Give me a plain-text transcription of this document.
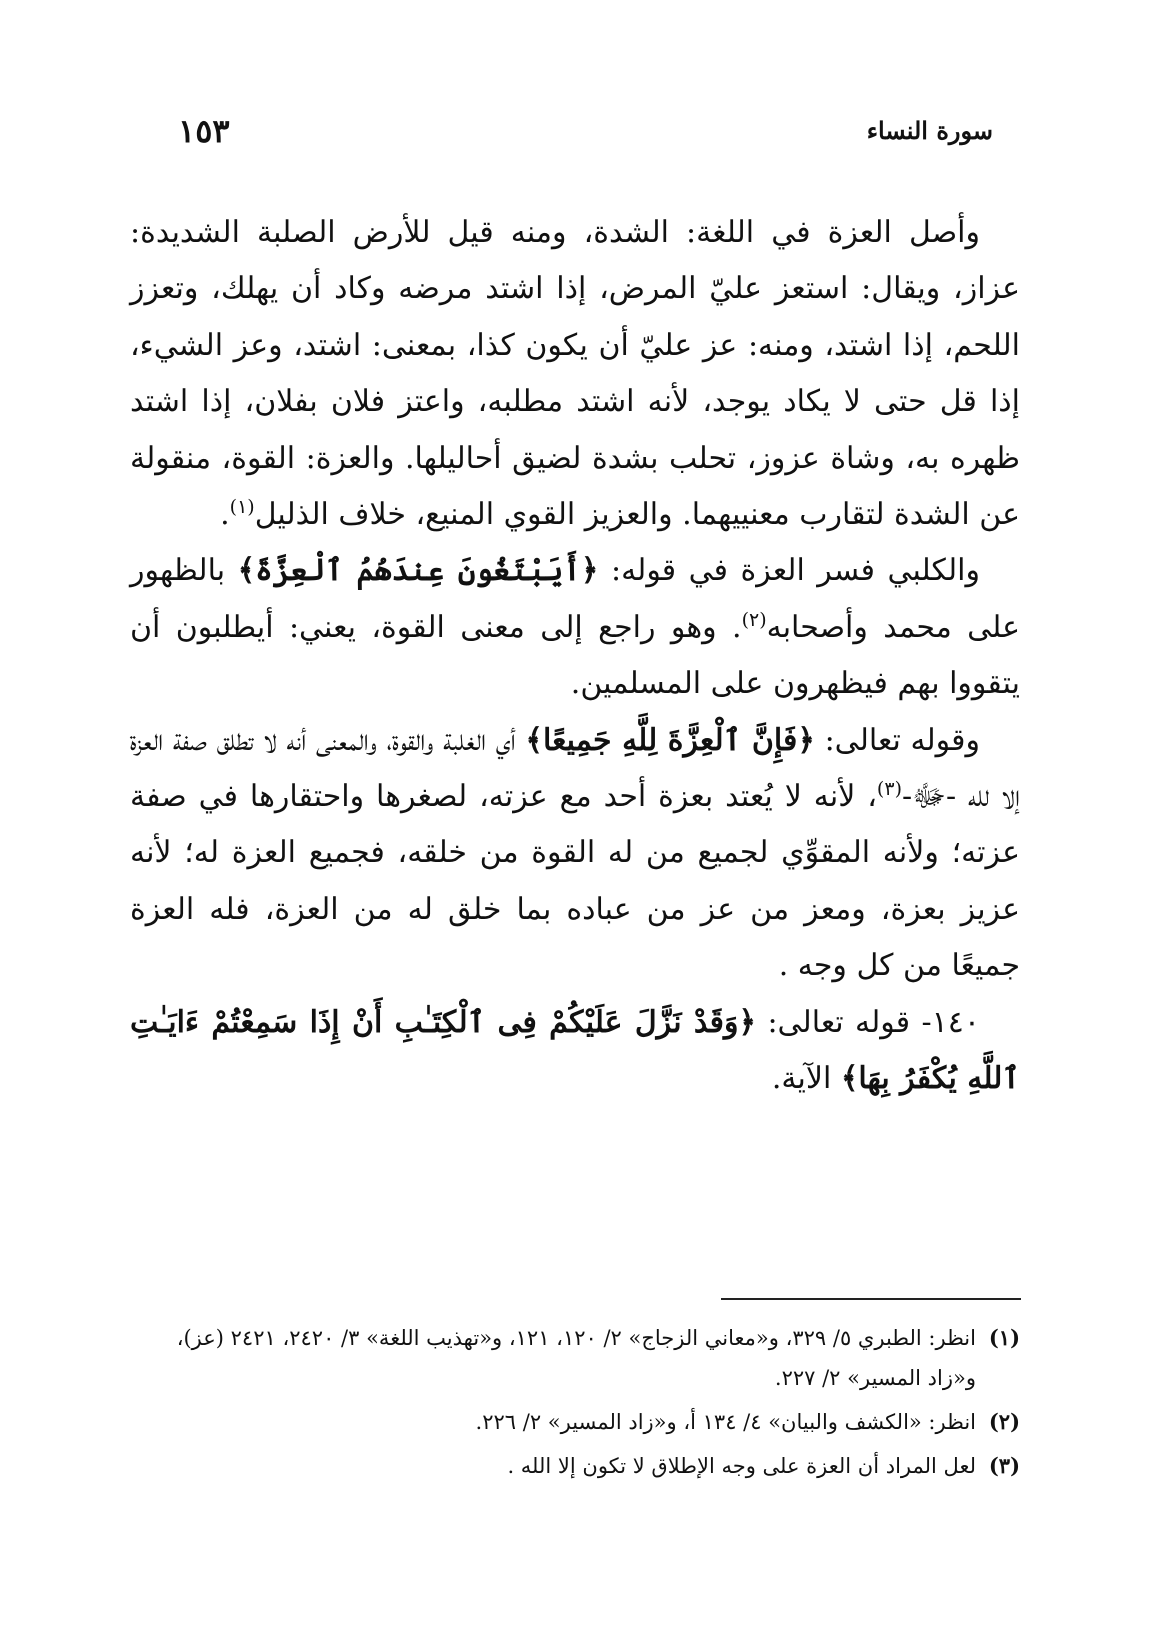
سورة النساء
١٥٣

وأصل العزة في اللغة: الشدة، ومنه قيل للأرض الصلبة الشديدة: عزاز، ويقال: استعز عليّ المرض، إذا اشتد مرضه وكاد أن يهلك، وتعزز اللحم، إذا اشتد، ومنه: عز عليّ أن يكون كذا، بمعنى: اشتد، وعز الشيء، إذا قل حتى لا يكاد يوجد، لأنه اشتد مطلبه، واعتز فلان بفلان، إذا اشتد ظهره به، وشاة عزوز، تحلب بشدة لضيق أحاليلها. والعزة: القوة، منقولة عن الشدة لتقارب معنييهما. والعزيز القوي المنيع، خلاف الذليل$^{(١)}$.

والكلبي فسر العزة في قوله: ﴿أَيَبْتَغُونَ عِندَهُمُ ٱلْعِزَّةَ﴾ بالظهور على محمد وأصحابه$^{(٢)}$. وهو راجع إلى معنى القوة، يعني: أيطلبون أن يتقووا بهم فيظهرون على المسلمين.

وقوله تعالى: ﴿فَإِنَّ ٱلْعِزَّةَ لِلَّهِ جَمِيعًا﴾ أي الغلبة والقوة، والمعنى أنه لا تطلق صفة العزة إلا لله -ﷻ-$^{(٣)}$، لأنه لا يُعتد بعزة أحد مع عزته، لصغرها واحتقارها في صفة عزته؛ ولأنه المقوِّي لجميع من له القوة من خلقه، فجميع العزة له؛ لأنه عزيز بعزة، ومعز من عز من عباده بما خلق له من العزة، فله العزة جميعًا من كل وجه .

١٤٠- قوله تعالى: ﴿وَقَدْ نَزَّلَ عَلَيْكُمْ فِى ٱلْكِتَـٰبِ أَنْ إِذَا سَمِعْتُمْ ءَايَـٰتِ ٱللَّهِ يُكْفَرُ بِهَا﴾ الآية.

(١)
انظر: الطبري ٥/ ٣٢٩، و«معاني الزجاج» ٢/ ١٢٠، ١٢١، و«تهذيب اللغة» ٣/ ٢٤٢٠، ٢٤٢١ (عز)، و«زاد المسير» ٢/ ٢٢٧.
(٢)
انظر: «الكشف والبيان» ٤/ ١٣٤ أ، و«زاد المسير» ٢/ ٢٢٦.
(٣)
لعل المراد أن العزة على وجه الإطلاق لا تكون إلا الله .
